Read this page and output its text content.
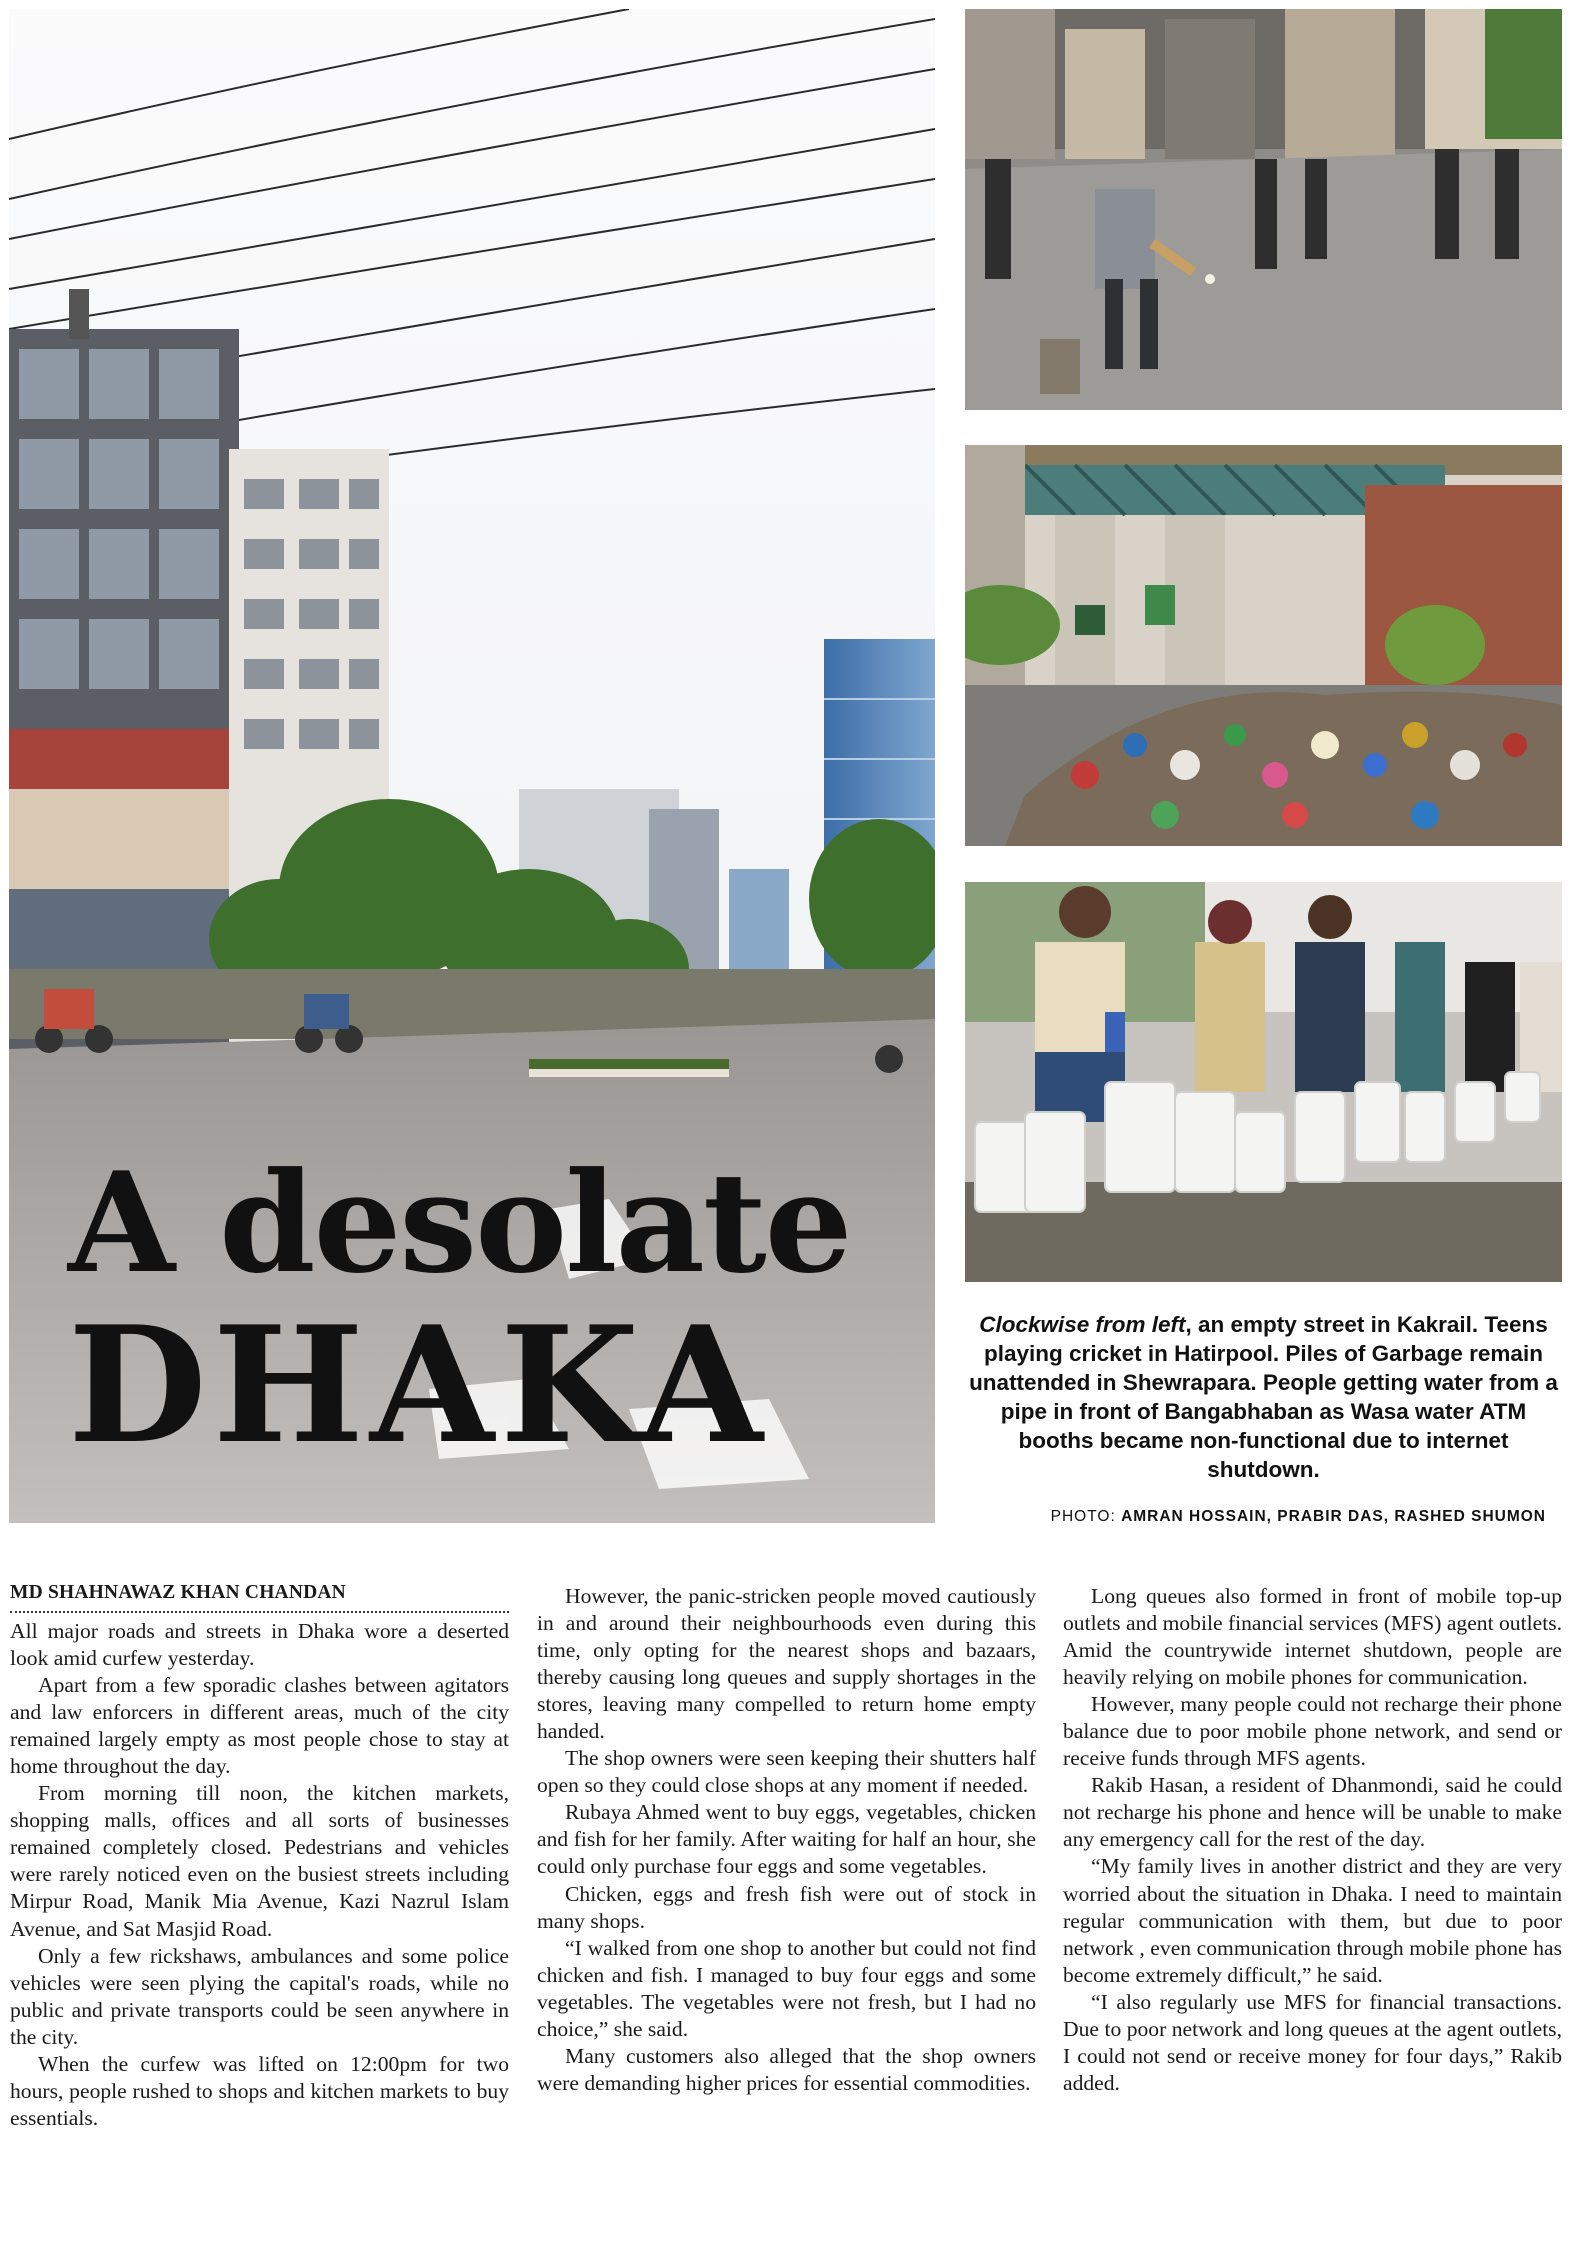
A desolate
DHAKA	Clockwise from left, an empty street in Kakrail. Teens playing cricket in Hatirpool. Piles of Garbage remain unattended in Shewrapara. People getting water from a pipe in front of Bangabhaban as Wasa water ATM booths became non-functional due to internet shutdown.
PHOTO: AMRAN HOSSAIN, PRABIR DAS, RASHED SHUMON

MD SHAHNAWAZ KHAN CHANDAN

All major roads and streets in Dhaka wore a deserted look amid curfew yesterday.

Apart from a few sporadic clashes between agitators and law enforcers in different areas, much of the city remained largely empty as most people chose to stay at home throughout the day.

From morning till noon, the kitchen markets, shopping malls, offices and all sorts of businesses remained completely closed. Pedestrians and vehicles were rarely noticed even on the busiest streets including Mirpur Road, Manik Mia Avenue, Kazi Nazrul Islam Avenue, and Sat Masjid Road.

Only a few rickshaws, ambulances and some police vehicles were seen plying the capital's roads, while no public and private transports could be seen anywhere in the city.

When the curfew was lifted on 12:00pm for two hours, people rushed to shops and kitchen markets to buy essentials.

However, the panic-stricken people moved cautiously in and around their neighbourhoods even during this time, only opting for the nearest shops and bazaars, thereby causing long queues and supply shortages in the stores, leaving many compelled to return home empty handed.

The shop owners were seen keeping their shutters half open so they could close shops at any moment if needed.

Rubaya Ahmed went to buy eggs, vegetables, chicken and fish for her family. After waiting for half an hour, she could only purchase four eggs and some vegetables.

Chicken, eggs and fresh fish were out of stock in many shops.

“I walked from one shop to another but could not find chicken and fish. I managed to buy four eggs and some vegetables. The vegetables were not fresh, but I had no choice,” she said.

Many customers also alleged that the shop owners were demanding higher prices for essential commodities.

Long queues also formed in front of mobile top-up outlets and mobile financial services (MFS) agent outlets. Amid the countrywide internet shutdown, people are heavily relying on mobile phones for communication.

However, many people could not recharge their phone balance due to poor mobile phone network, and send or receive funds through MFS agents.

Rakib Hasan, a resident of Dhanmondi, said he could not recharge his phone and hence will be unable to make any emergency call for the rest of the day.

“My family lives in another district and they are very worried about the situation in Dhaka. I need to maintain regular communication with them, but due to poor network , even communication through mobile phone has become extremely difficult,” he said.

“I also regularly use MFS for financial transactions. Due to poor network and long queues at the agent outlets, I could not send or receive money for four days,” Rakib added.
